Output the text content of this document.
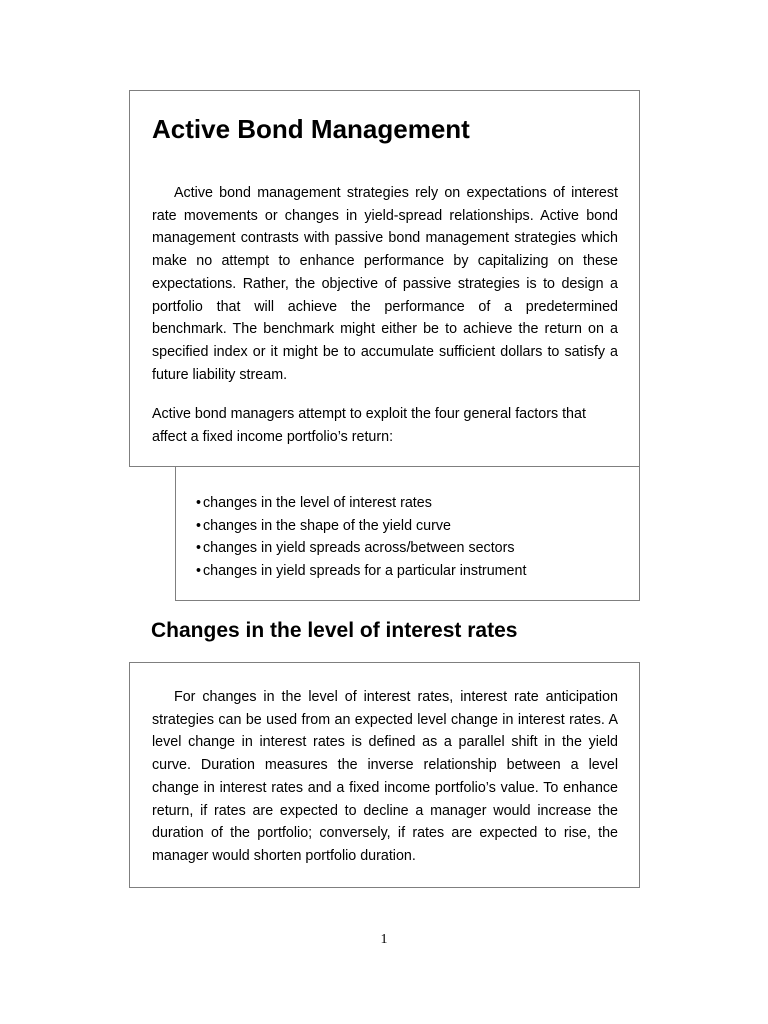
Active Bond Management

Active bond management strategies rely on expectations of interest rate movements or changes in yield-spread relationships. Active bond management contrasts with passive bond management strategies which make no attempt to enhance performance by capitalizing on these expectations. Rather, the objective of passive strategies is to design a portfolio that will achieve the performance of a predetermined benchmark. The benchmark might either be to achieve the return on a specified index or it might be to accumulate sufficient dollars to satisfy a future liability stream.

Active bond managers attempt to exploit the four general factors that affect a fixed income portfolio’s return:

• changes in the level of interest rates
• changes in the shape of the yield curve
• changes in yield spreads across/between sectors
• changes in yield spreads for a particular instrument
Changes in the level of interest rates

For changes in the level of interest rates, interest rate anticipation strategies can be used from an expected level change in interest rates. A level change in interest rates is defined as a parallel shift in the yield curve. Duration measures the inverse relationship between a level change in interest rates and a fixed income portfolio’s value. To enhance return, if rates are expected to decline a manager would increase the duration of the portfolio; conversely, if rates are expected to rise, the manager would shorten portfolio duration.

1
